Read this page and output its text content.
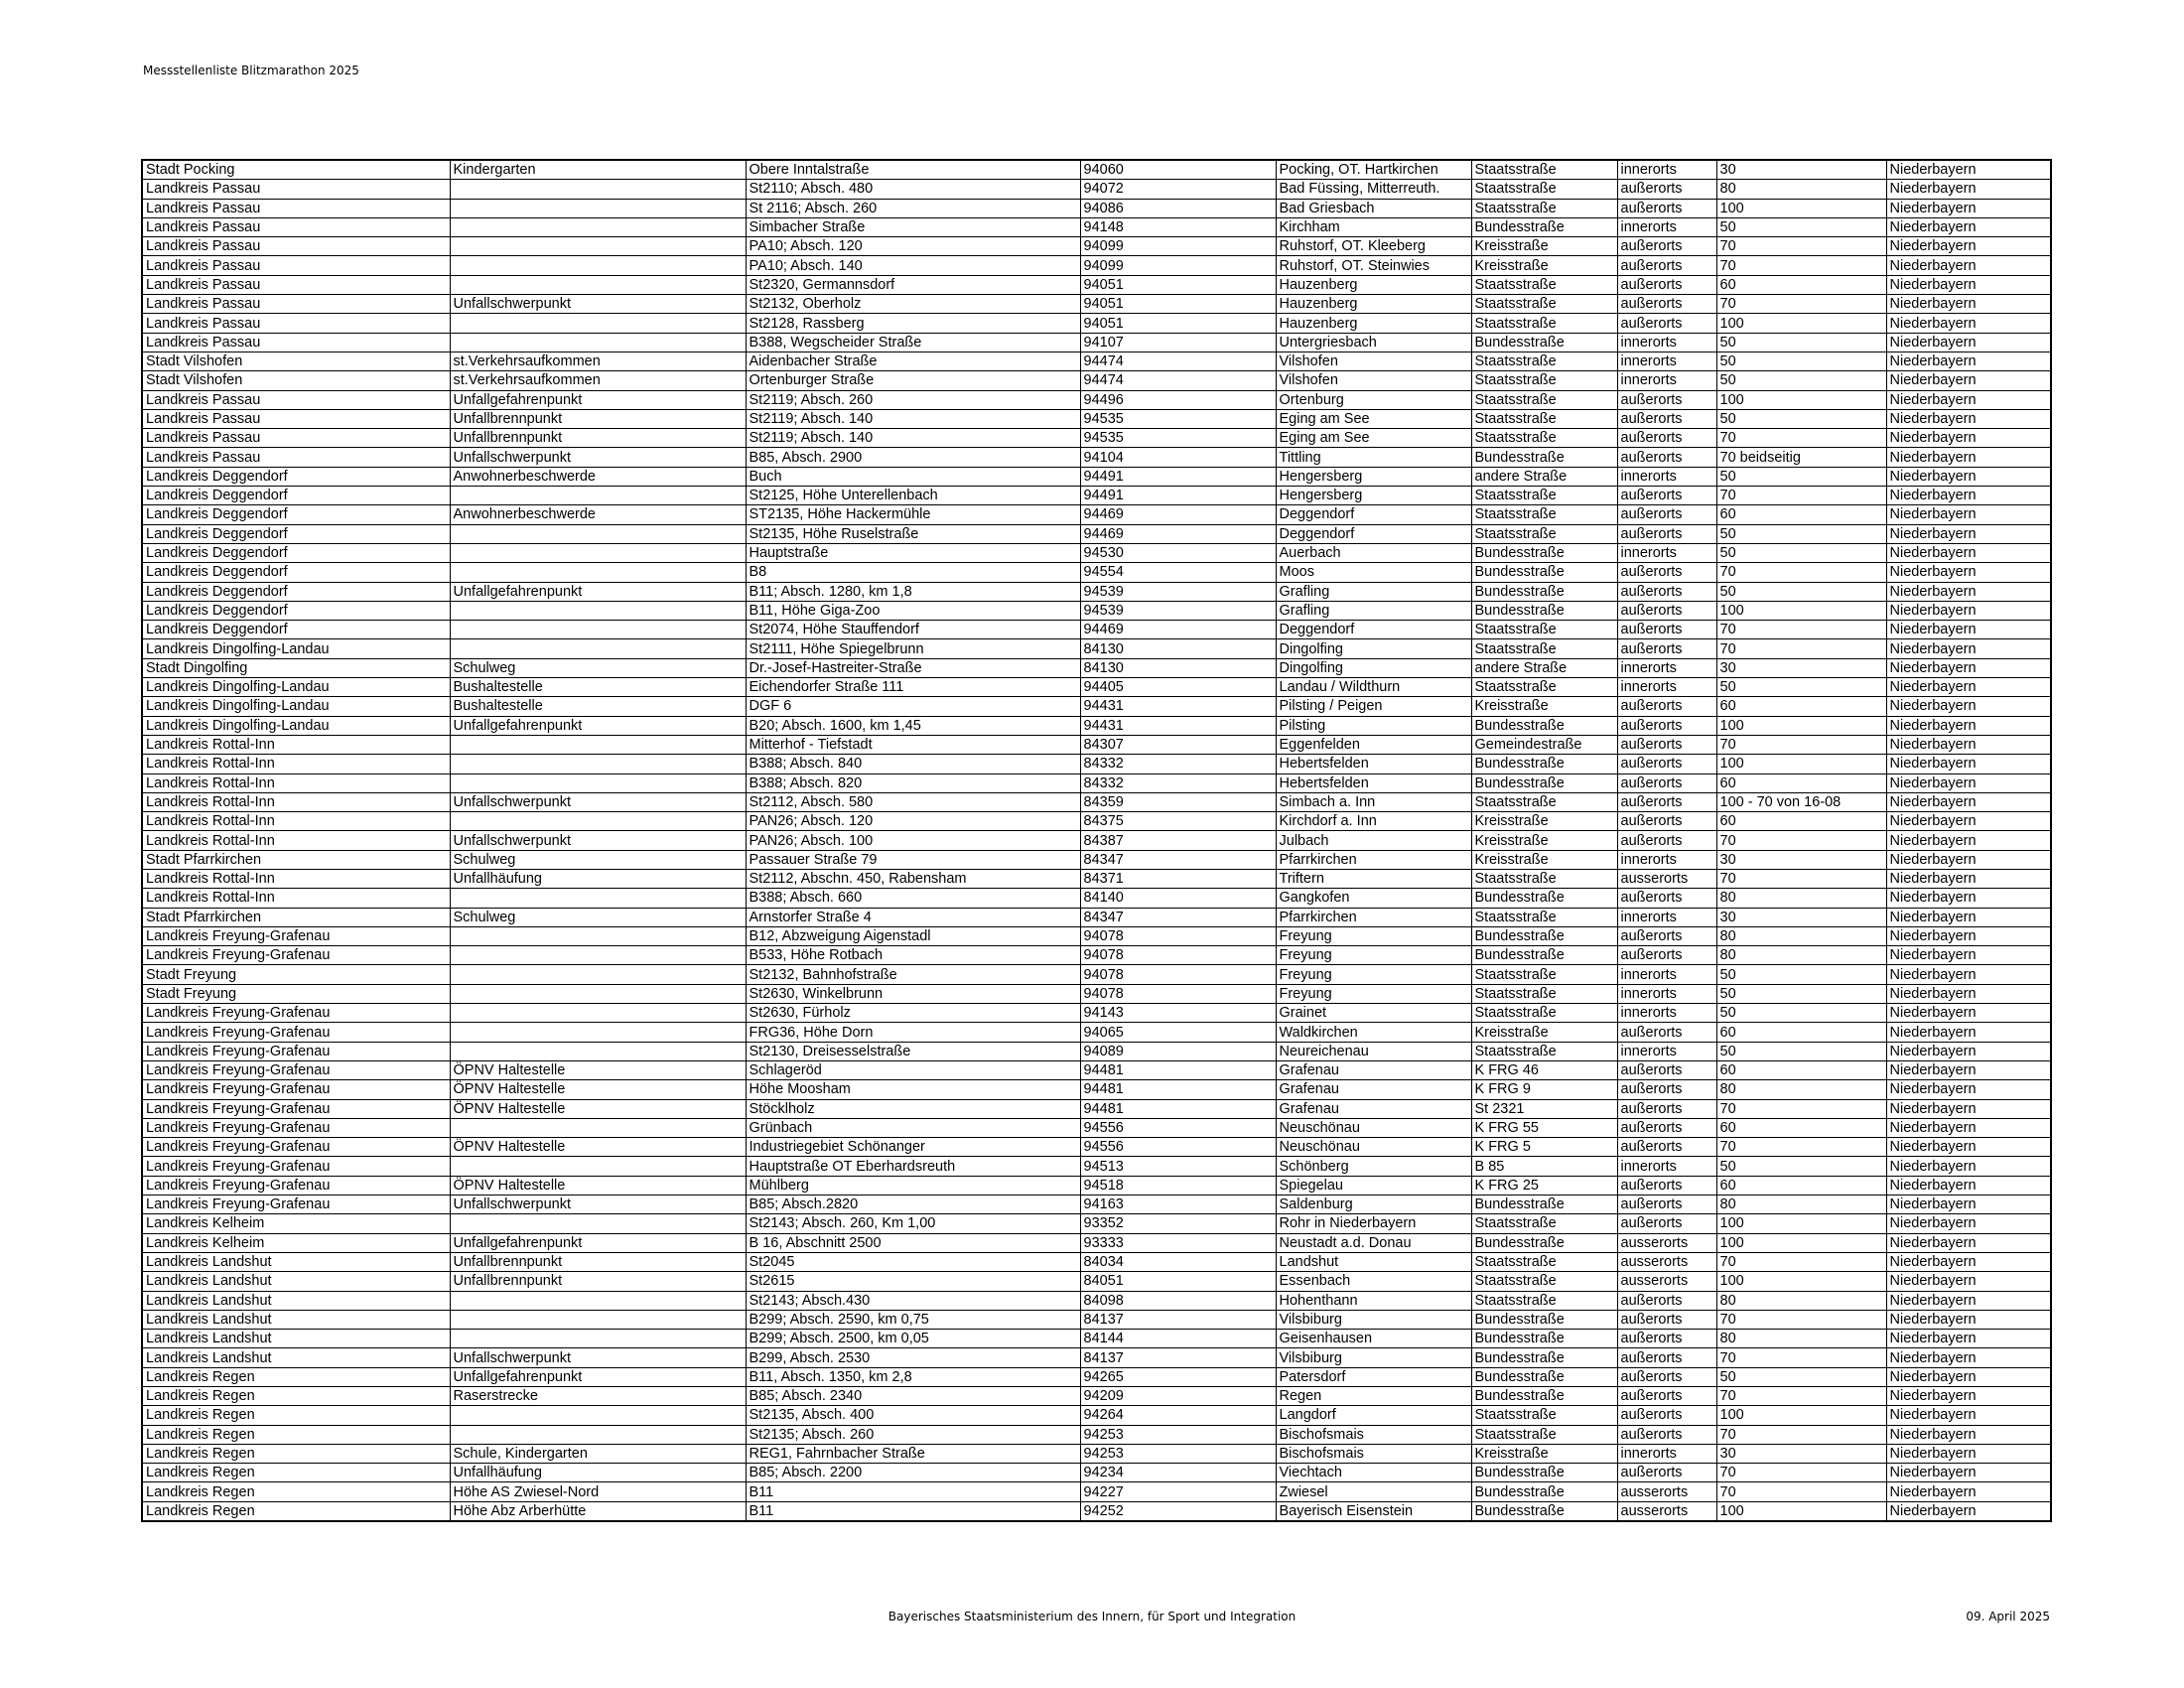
Messstellenliste Blitzmarathon 2025
Stadt Pocking	Kindergarten	Obere Inntalstraße	94060	Pocking, OT. Hartkirchen	Staatsstraße	innerorts	30	Niederbayern
Landkreis Passau		St2110; Absch. 480	94072	Bad Füssing, Mitterreuth.	Staatsstraße	außerorts	80	Niederbayern
Landkreis Passau		St 2116; Absch. 260	94086	Bad Griesbach	Staatsstraße	außerorts	100	Niederbayern
Landkreis Passau		Simbacher Straße	94148	Kirchham	Bundesstraße	innerorts	50	Niederbayern
Landkreis Passau		PA10; Absch. 120	94099	Ruhstorf, OT. Kleeberg	Kreisstraße	außerorts	70	Niederbayern
Landkreis Passau		PA10; Absch. 140	94099	Ruhstorf, OT. Steinwies	Kreisstraße	außerorts	70	Niederbayern
Landkreis Passau		St2320, Germannsdorf	94051	Hauzenberg	Staatsstraße	außerorts	60	Niederbayern
Landkreis Passau	Unfallschwerpunkt	St2132, Oberholz	94051	Hauzenberg	Staatsstraße	außerorts	70	Niederbayern
Landkreis Passau		St2128, Rassberg	94051	Hauzenberg	Staatsstraße	außerorts	100	Niederbayern
Landkreis Passau		B388, Wegscheider Straße	94107	Untergriesbach	Bundesstraße	innerorts	50	Niederbayern
Stadt Vilshofen	st.Verkehrsaufkommen	Aidenbacher Straße	94474	Vilshofen	Staatsstraße	innerorts	50	Niederbayern
Stadt Vilshofen	st.Verkehrsaufkommen	Ortenburger Straße	94474	Vilshofen	Staatsstraße	innerorts	50	Niederbayern
Landkreis Passau	Unfallgefahrenpunkt	St2119; Absch. 260	94496	Ortenburg	Staatsstraße	außerorts	100	Niederbayern
Landkreis Passau	Unfallbrennpunkt	St2119; Absch. 140	94535	Eging am See	Staatsstraße	außerorts	50	Niederbayern
Landkreis Passau	Unfallbrennpunkt	St2119; Absch. 140	94535	Eging am See	Staatsstraße	außerorts	70	Niederbayern
Landkreis Passau	Unfallschwerpunkt	B85, Absch. 2900	94104	Tittling	Bundesstraße	außerorts	70 beidseitig	Niederbayern
Landkreis Deggendorf	Anwohnerbeschwerde	Buch	94491	Hengersberg	andere Straße	innerorts	50	Niederbayern
Landkreis Deggendorf		St2125, Höhe Unterellenbach	94491	Hengersberg	Staatsstraße	außerorts	70	Niederbayern
Landkreis Deggendorf	Anwohnerbeschwerde	ST2135, Höhe Hackermühle	94469	Deggendorf	Staatsstraße	außerorts	60	Niederbayern
Landkreis Deggendorf		St2135, Höhe Ruselstraße	94469	Deggendorf	Staatsstraße	außerorts	50	Niederbayern
Landkreis Deggendorf		Hauptstraße	94530	Auerbach	Bundesstraße	innerorts	50	Niederbayern
Landkreis Deggendorf		B8	94554	Moos	Bundesstraße	außerorts	70	Niederbayern
Landkreis Deggendorf	Unfallgefahrenpunkt	B11; Absch. 1280, km 1,8	94539	Grafling	Bundesstraße	außerorts	50	Niederbayern
Landkreis Deggendorf		B11, Höhe Giga-Zoo	94539	Grafling	Bundesstraße	außerorts	100	Niederbayern
Landkreis Deggendorf		St2074, Höhe Stauffendorf	94469	Deggendorf	Staatsstraße	außerorts	70	Niederbayern
Landkreis Dingolfing-Landau		St2111, Höhe Spiegelbrunn	84130	Dingolfing	Staatsstraße	außerorts	70	Niederbayern
Stadt Dingolfing	Schulweg	Dr.-Josef-Hastreiter-Straße	84130	Dingolfing	andere Straße	innerorts	30	Niederbayern
Landkreis Dingolfing-Landau	Bushaltestelle	Eichendorfer Straße 111	94405	Landau / Wildthurn	Staatsstraße	innerorts	50	Niederbayern
Landkreis Dingolfing-Landau	Bushaltestelle	DGF 6	94431	Pilsting / Peigen	Kreisstraße	außerorts	60	Niederbayern
Landkreis Dingolfing-Landau	Unfallgefahrenpunkt	B20; Absch. 1600, km 1,45	94431	Pilsting	Bundesstraße	außerorts	100	Niederbayern
Landkreis Rottal-Inn		Mitterhof - Tiefstadt	84307	Eggenfelden	Gemeindestraße	außerorts	70	Niederbayern
Landkreis Rottal-Inn		B388; Absch. 840	84332	Hebertsfelden	Bundesstraße	außerorts	100	Niederbayern
Landkreis Rottal-Inn		B388; Absch. 820	84332	Hebertsfelden	Bundesstraße	außerorts	60	Niederbayern
Landkreis Rottal-Inn	Unfallschwerpunkt	St2112, Absch. 580	84359	Simbach a. Inn	Staatsstraße	außerorts	100 - 70 von 16-08	Niederbayern
Landkreis Rottal-Inn		PAN26; Absch. 120	84375	Kirchdorf a. Inn	Kreisstraße	außerorts	60	Niederbayern
Landkreis Rottal-Inn	Unfallschwerpunkt	PAN26; Absch. 100	84387	Julbach	Kreisstraße	außerorts	70	Niederbayern
Stadt Pfarrkirchen	Schulweg	Passauer Straße 79	84347	Pfarrkirchen	Kreisstraße	innerorts	30	Niederbayern
Landkreis Rottal-Inn	Unfallhäufung	St2112, Abschn. 450, Rabensham	84371	Triftern	Staatsstraße	ausserorts	70	Niederbayern
Landkreis Rottal-Inn		B388; Absch. 660	84140	Gangkofen	Bundesstraße	außerorts	80	Niederbayern
Stadt Pfarrkirchen	Schulweg	Arnstorfer Straße 4	84347	Pfarrkirchen	Staatsstraße	innerorts	30	Niederbayern
Landkreis Freyung-Grafenau		B12, Abzweigung Aigenstadl	94078	Freyung	Bundesstraße	außerorts	80	Niederbayern
Landkreis Freyung-Grafenau		B533, Höhe Rotbach	94078	Freyung	Bundesstraße	außerorts	80	Niederbayern
Stadt Freyung		St2132, Bahnhofstraße	94078	Freyung	Staatsstraße	innerorts	50	Niederbayern
Stadt Freyung		St2630, Winkelbrunn	94078	Freyung	Staatsstraße	innerorts	50	Niederbayern
Landkreis Freyung-Grafenau		St2630, Fürholz	94143	Grainet	Staatsstraße	innerorts	50	Niederbayern
Landkreis Freyung-Grafenau		FRG36, Höhe Dorn	94065	Waldkirchen	Kreisstraße	außerorts	60	Niederbayern
Landkreis Freyung-Grafenau		St2130, Dreisesselstraße	94089	Neureichenau	Staatsstraße	innerorts	50	Niederbayern
Landkreis Freyung-Grafenau	ÖPNV Haltestelle	Schlageröd	94481	Grafenau	K FRG 46	außerorts	60	Niederbayern
Landkreis Freyung-Grafenau	ÖPNV Haltestelle	Höhe Moosham	94481	Grafenau	K FRG 9	außerorts	80	Niederbayern
Landkreis Freyung-Grafenau	ÖPNV Haltestelle	Stöcklholz	94481	Grafenau	St 2321	außerorts	70	Niederbayern
Landkreis Freyung-Grafenau		Grünbach	94556	Neuschönau	K FRG 55	außerorts	60	Niederbayern
Landkreis Freyung-Grafenau	ÖPNV Haltestelle	Industriegebiet Schönanger	94556	Neuschönau	K FRG 5	außerorts	70	Niederbayern
Landkreis Freyung-Grafenau		Hauptstraße OT Eberhardsreuth	94513	Schönberg	B 85	innerorts	50	Niederbayern
Landkreis Freyung-Grafenau	ÖPNV Haltestelle	Mühlberg	94518	Spiegelau	K FRG 25	außerorts	60	Niederbayern
Landkreis Freyung-Grafenau	Unfallschwerpunkt	B85; Absch.2820	94163	Saldenburg	Bundesstraße	außerorts	80	Niederbayern
Landkreis Kelheim		St2143; Absch. 260, Km 1,00	93352	Rohr in Niederbayern	Staatsstraße	außerorts	100	Niederbayern
Landkreis Kelheim	Unfallgefahrenpunkt	B 16, Abschnitt 2500	93333	Neustadt a.d. Donau	Bundesstraße	ausserorts	100	Niederbayern
Landkreis Landshut	Unfallbrennpunkt	St2045	84034	Landshut	Staatsstraße	ausserorts	70	Niederbayern
Landkreis Landshut	Unfallbrennpunkt	St2615	84051	Essenbach	Staatsstraße	ausserorts	100	Niederbayern
Landkreis Landshut		St2143; Absch.430	84098	Hohenthann	Staatsstraße	außerorts	80	Niederbayern
Landkreis Landshut		B299; Absch. 2590, km 0,75	84137	Vilsbiburg	Bundesstraße	außerorts	70	Niederbayern
Landkreis Landshut		B299; Absch. 2500, km 0,05	84144	Geisenhausen	Bundesstraße	außerorts	80	Niederbayern
Landkreis Landshut	Unfallschwerpunkt	B299, Absch. 2530	84137	Vilsbiburg	Bundesstraße	außerorts	70	Niederbayern
Landkreis Regen	Unfallgefahrenpunkt	B11, Absch. 1350, km 2,8	94265	Patersdorf	Bundesstraße	außerorts	50	Niederbayern
Landkreis Regen	Raserstrecke	B85; Absch. 2340	94209	Regen	Bundesstraße	außerorts	70	Niederbayern
Landkreis Regen		St2135, Absch. 400	94264	Langdorf	Staatsstraße	außerorts	100	Niederbayern
Landkreis Regen		St2135; Absch. 260	94253	Bischofsmais	Staatsstraße	außerorts	70	Niederbayern
Landkreis Regen	Schule, Kindergarten	REG1, Fahrnbacher Straße	94253	Bischofsmais	Kreisstraße	innerorts	30	Niederbayern
Landkreis Regen	Unfallhäufung	B85; Absch. 2200	94234	Viechtach	Bundesstraße	außerorts	70	Niederbayern
Landkreis Regen	Höhe AS Zwiesel-Nord	B11	94227	Zwiesel	Bundesstraße	ausserorts	70	Niederbayern
Landkreis Regen	Höhe Abz Arberhütte	B11	94252	Bayerisch Eisenstein	Bundesstraße	ausserorts	100	Niederbayern
Bayerisches Staatsministerium des Innern, für Sport und Integration	09. April 2025
